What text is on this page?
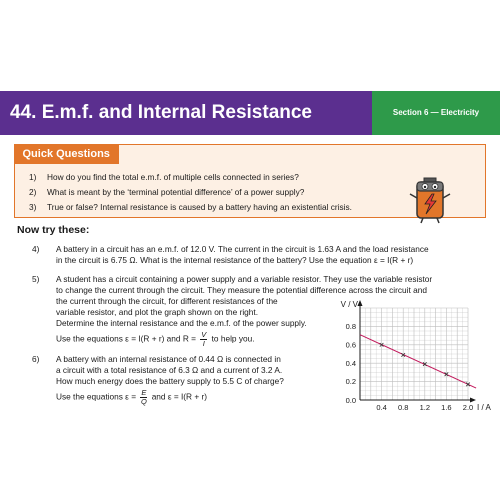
44. E.m.f. and Internal Resistance	Section 6 — Electricity
Quick Questions
1)	How do you find the total e.m.f. of multiple cells connected in series?
2)	What is meant by the ‘terminal potential difference’ of a power supply?
3)	True or false? Internal resistance is caused by a battery having an existential crisis.
Now try these:
4) A battery in a circuit has an e.m.f. of 12.0 V. The current in the circuit is 1.63 A and the load resistance
in the circuit is 6.75 Ω. What is the internal resistance of the battery? Use the equation ε = I(R + r)
5) A student has a circuit containing a power supply and a variable resistor. They use the variable resistor
to change the current through the circuit. They measure the potential difference across the circuit and
the current through the circuit, for different resistances of the
variable resistor, and plot the graph shown on the right.
Determine the internal resistance and the e.m.f. of the power supply.
Use the equations ε = I(R + r) and $R = \frac{V}{I}$ to help you.
6) A battery with an internal resistance of 0.44 Ω is connected in
a circuit with a total resistance of 6.3 Ω and a current of 3.2 A.
How much energy does the battery supply to 5.5 C of charge?
Use the equations $\varepsilon = \frac{E}{Q}$ and ε = I(R + r)
0.4 0.8 1.2 1.6 2.0
0.2
0.4
0.6
0.8
V / V
I / A
0.0
